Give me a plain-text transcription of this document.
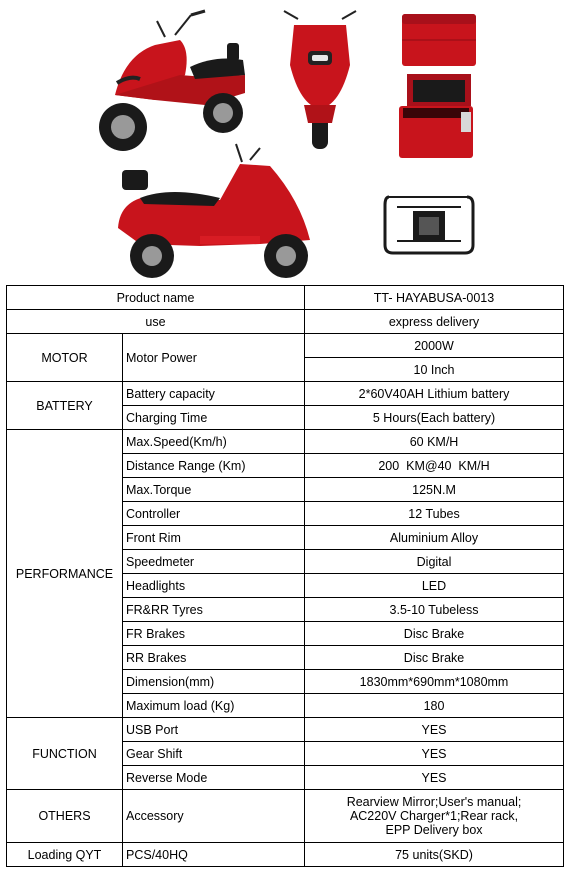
Product name		TT- HAYABUSA-0013
use		express delivery
MOTOR	Motor Power	2000W
		10 Inch
BATTERY	Battery capacity	2*60V40AH Lithium battery
	Charging Time	5 Hours(Each battery)
PERFORMANCE	Max.Speed(Km/h)	60 KM/H
	Distance Range (Km)	200  KM@40  KM/H
	Max.Torque	125N.M
	Controller	12 Tubes
	Front Rim	Aluminium Alloy
	Speedmeter	Digital
	Headlights	LED
	FR&RR Tyres	3.5-10 Tubeless
	FR Brakes	Disc Brake
	RR Brakes	Disc Brake
	Dimension(mm)	1830mm*690mm*1080mm
	Maximum load (Kg)	180
FUNCTION	USB Port	YES
	Gear Shift	YES
	Reverse Mode	YES
OTHERS	Accessory	Rearview Mirror;User's manual;
AC220V Charger*1;Rear rack,
EPP Delivery box

Loading QYT	PCS/40HQ	75 units(SKD)
